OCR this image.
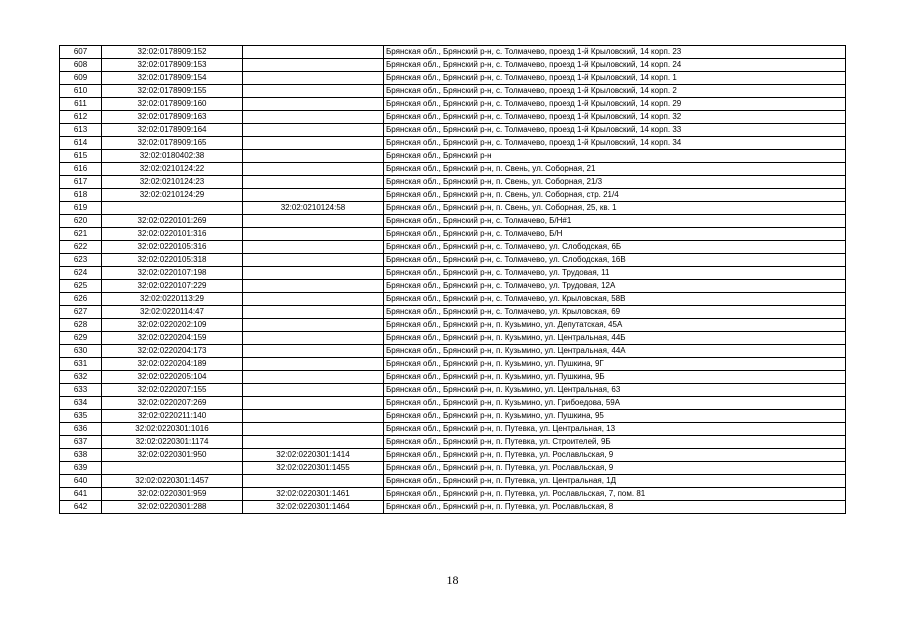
607	32:02:0178909:152		Брянская обл., Брянский р-н, с. Толмачево, проезд 1-й Крыловский, 14 корп. 23
608	32:02:0178909:153		Брянская обл., Брянский р-н, с. Толмачево, проезд 1-й Крыловский, 14 корп. 24
609	32:02:0178909:154		Брянская обл., Брянский р-н, с. Толмачево, проезд 1-й Крыловский, 14 корп. 1
610	32:02:0178909:155		Брянская обл., Брянский р-н, с. Толмачево, проезд 1-й Крыловский, 14 корп. 2
611	32:02:0178909:160		Брянская обл., Брянский р-н, с. Толмачево, проезд 1-й Крыловский, 14 корп. 29
612	32:02:0178909:163		Брянская обл., Брянский р-н, с. Толмачево, проезд 1-й Крыловский, 14 корп. 32
613	32:02:0178909:164		Брянская обл., Брянский р-н, с. Толмачево, проезд 1-й Крыловский, 14 корп. 33
614	32:02:0178909:165		Брянская обл., Брянский р-н, с. Толмачево, проезд 1-й Крыловский, 14 корп. 34
615	32:02:0180402:38		Брянская обл., Брянский р-н
616	32:02:0210124:22		Брянская обл., Брянский р-н, п. Свень, ул. Соборная, 21
617	32:02:0210124:23		Брянская обл., Брянский р-н, п. Свень, ул. Соборная, 21/3
618	32:02:0210124:29		Брянская обл., Брянский р-н, п. Свень, ул. Соборная, стр. 21/4
619		32:02:0210124:58	Брянская обл., Брянский р-н, п. Свень, ул. Соборная, 25, кв. 1
620	32:02:0220101:269		Брянская обл., Брянский р-н, с. Толмачево, Б/Н#1
621	32:02:0220101:316		Брянская обл., Брянский р-н, с. Толмачево, Б/Н
622	32:02:0220105:316		Брянская обл., Брянский р-н, с. Толмачево, ул. Слободская, 6Б
623	32:02:0220105:318		Брянская обл., Брянский р-н, с. Толмачево, ул. Слободская, 16В
624	32:02:0220107:198		Брянская обл., Брянский р-н, с. Толмачево, ул. Трудовая, 11
625	32:02:0220107:229		Брянская обл., Брянский р-н, с. Толмачево, ул. Трудовая, 12А
626	32:02:0220113:29		Брянская обл., Брянский р-н, с. Толмачево, ул. Крыловская, 58В
627	32:02:0220114:47		Брянская обл., Брянский р-н, с. Толмачево, ул. Крыловская, 69
628	32:02:0220202:109		Брянская обл., Брянский р-н, п. Кузьмино, ул. Депутатская, 45А
629	32:02:0220204:159		Брянская обл., Брянский р-н, п. Кузьмино, ул. Центральная, 44Б
630	32:02:0220204:173		Брянская обл., Брянский р-н, п. Кузьмино, ул. Центральная, 44А
631	32:02:0220204:189		Брянская обл., Брянский р-н, п. Кузьмино, ул. Пушкина, 9Г
632	32:02:0220205:104		Брянская обл., Брянский р-н, п. Кузьмино, ул. Пушкина, 9Б
633	32:02:0220207:155		Брянская обл., Брянский р-н, п. Кузьмино, ул. Центральная, 63
634	32:02:0220207:269		Брянская обл., Брянский р-н, п. Кузьмино, ул. Грибоедова, 59А
635	32:02:0220211:140		Брянская обл., Брянский р-н, п. Кузьмино, ул. Пушкина, 95
636	32:02:0220301:1016		Брянская обл., Брянский р-н, п. Путевка, ул. Центральная, 13
637	32:02:0220301:1174		Брянская обл., Брянский р-н, п. Путевка, ул. Строителей, 9Б
638	32:02:0220301:950	32:02:0220301:1414	Брянская обл., Брянский р-н, п. Путевка, ул. Рославльская, 9
639		32:02:0220301:1455	Брянская обл., Брянский р-н, п. Путевка, ул. Рославльская, 9
640	32:02:0220301:1457		Брянская обл., Брянский р-н, п. Путевка, ул. Центральная, 1Д
641	32:02:0220301:959	32:02:0220301:1461	Брянская обл., Брянский р-н, п. Путевка, ул. Рославльская, 7, пом. 81
642	32:02:0220301:288	32:02:0220301:1464	Брянская обл., Брянский р-н, п. Путевка, ул. Рославльская, 8
18
